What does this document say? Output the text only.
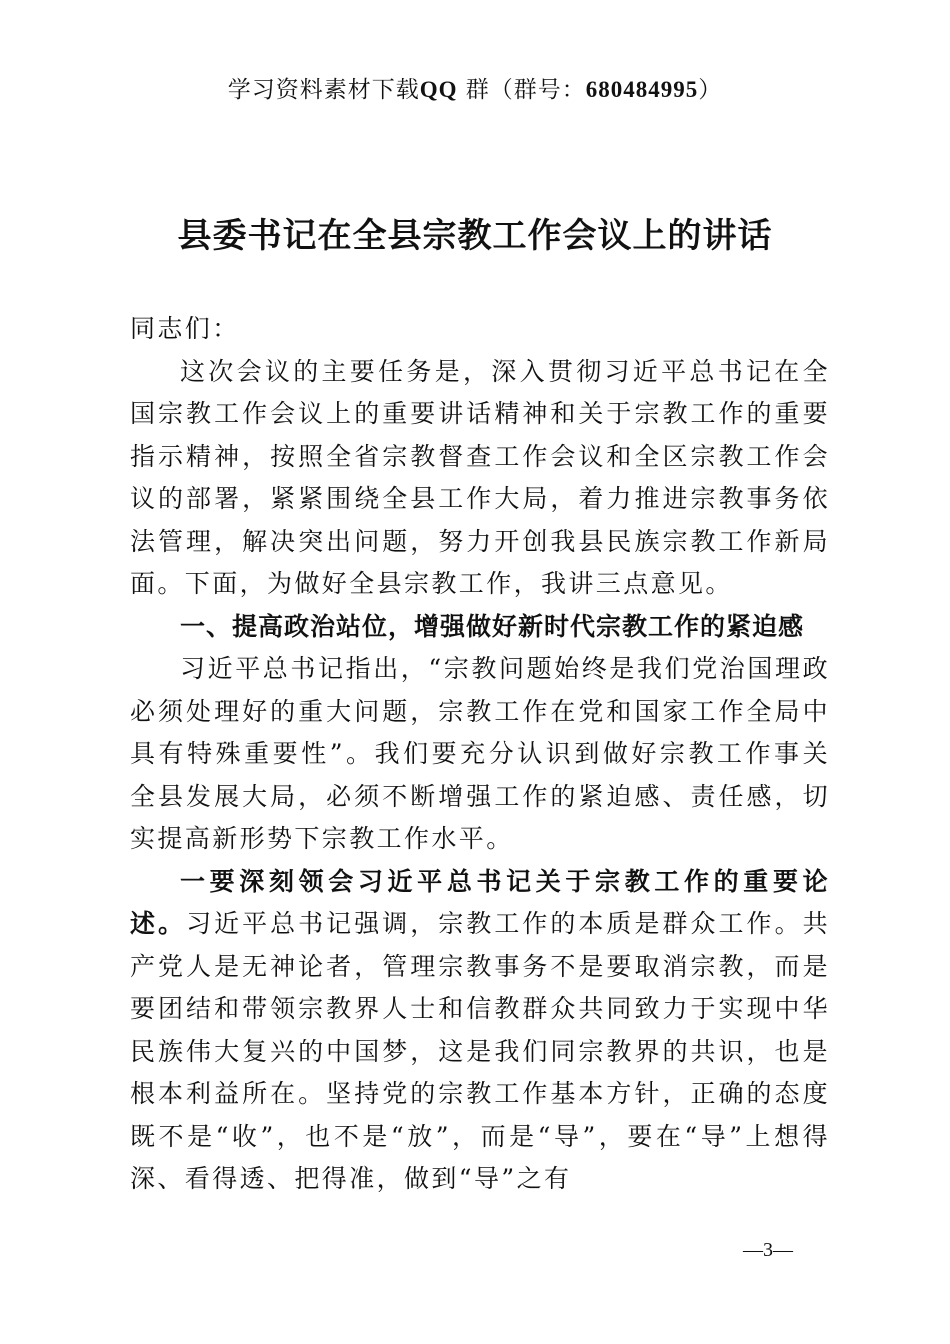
学习资料素材下载QQ 群（群号：680484995）
县委书记在全县宗教工作会议上的讲话

同志们：

这次会议的主要任务是，深入贯彻习近平总书记在全国宗教工作会议上的重要讲话精神和关于宗教工作的重要指示精神，按照全省宗教督查工作会议和全区宗教工作会议的部署，紧紧围绕全县工作大局，着力推进宗教事务依法管理，解决突出问题，努力开创我县民族宗教工作新局面。下面，为做好全县宗教工作，我讲三点意见。

一、提高政治站位，增强做好新时代宗教工作的紧迫感

习近平总书记指出，“宗教问题始终是我们党治国理政必须处理好的重大问题，宗教工作在党和国家工作全局中具有特殊重要性”。我们要充分认识到做好宗教工作事关全县发展大局，必须不断增强工作的紧迫感、责任感，切实提高新形势下宗教工作水平。

一要深刻领会习近平总书记关于宗教工作的重要论述。习近平总书记强调，宗教工作的本质是群众工作。共产党人是无神论者，管理宗教事务不是要取消宗教，而是要团结和带领宗教界人士和信教群众共同致力于实现中华民族伟大复兴的中国梦，这是我们同宗教界的共识，也是根本利益所在。坚持党的宗教工作基本方针，正确的态度既不是“收”，也不是“放”，而是“导”，要在“导”上想得深、看得透、把得准，做到“导”之有

—3—
